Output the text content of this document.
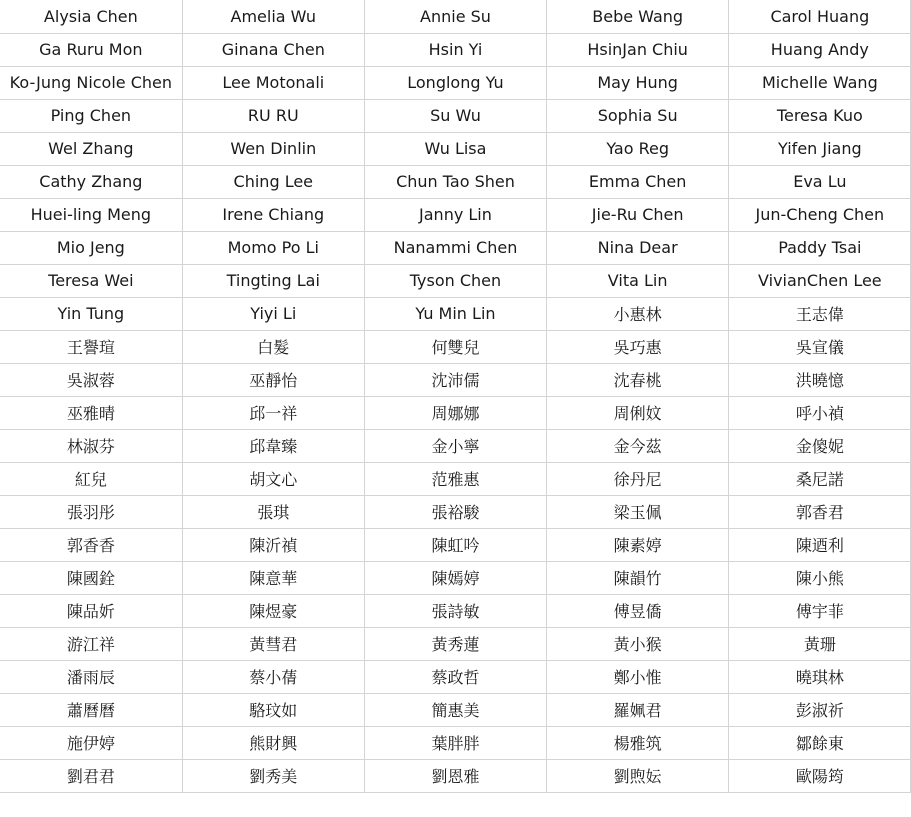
Alysia Chen	Amelia Wu	Annie Su	Bebe Wang	Carol Huang
Ga Ruru Mon	Ginana Chen	Hsin Yi	HsinJan Chiu	Huang Andy
Ko-Jung Nicole Chen	Lee Motonali	Longlong Yu	May Hung	Michelle Wang
Ping Chen	RU RU	Su Wu	Sophia Su	Teresa Kuo
Wel Zhang	Wen Dinlin	Wu Lisa	Yao Reg	Yifen Jiang
Cathy Zhang	Ching Lee	Chun Tao Shen	Emma Chen	Eva Lu
Huei-ling Meng	Irene Chiang	Janny Lin	Jie-Ru Chen	Jun-Cheng Chen
Mio Jeng	Momo Po Li	Nanammi Chen	Nina Dear	Paddy Tsai
Teresa Wei	Tingting Lai	Tyson Chen	Vita Lin	VivianChen Lee
Yin Tung	Yiyi Li	Yu Min Lin	小惠林	王志偉
王譽瑄	白髮	何雙兒	吳巧惠	吳宣儀
吳淑蓉	巫靜怡	沈沛儒	沈春桃	洪曉憶
巫雅晴	邱一祥	周娜娜	周俐妏	呼小禎
林淑芬	邱韋臻	金小寧	金今茲	金傻妮
紅兒	胡文心	范雅惠	徐丹尼	桑尼諾
張羽彤	張琪	張裕駿	梁玉佩	郭香君
郭香香	陳沂禎	陳虹吟	陳素婷	陳迺利
陳國銓	陳意華	陳嫣婷	陳韻竹	陳小熊
陳品妡	陳煜豪	張詩敏	傅昱僑	傅宇菲
游江祥	黃彗君	黃秀蓮	黃小猴	黃珊
潘雨辰	蔡小蒨	蔡政哲	鄭小惟	曉琪林
蕭曆曆	駱玟如	簡惠美	羅姵君	彭淑祈
施伊婷	熊財興	葉胖胖	楊雅筑	鄒餘東
劉君君	劉秀美	劉恩雅	劉煦妘	歐陽筠
